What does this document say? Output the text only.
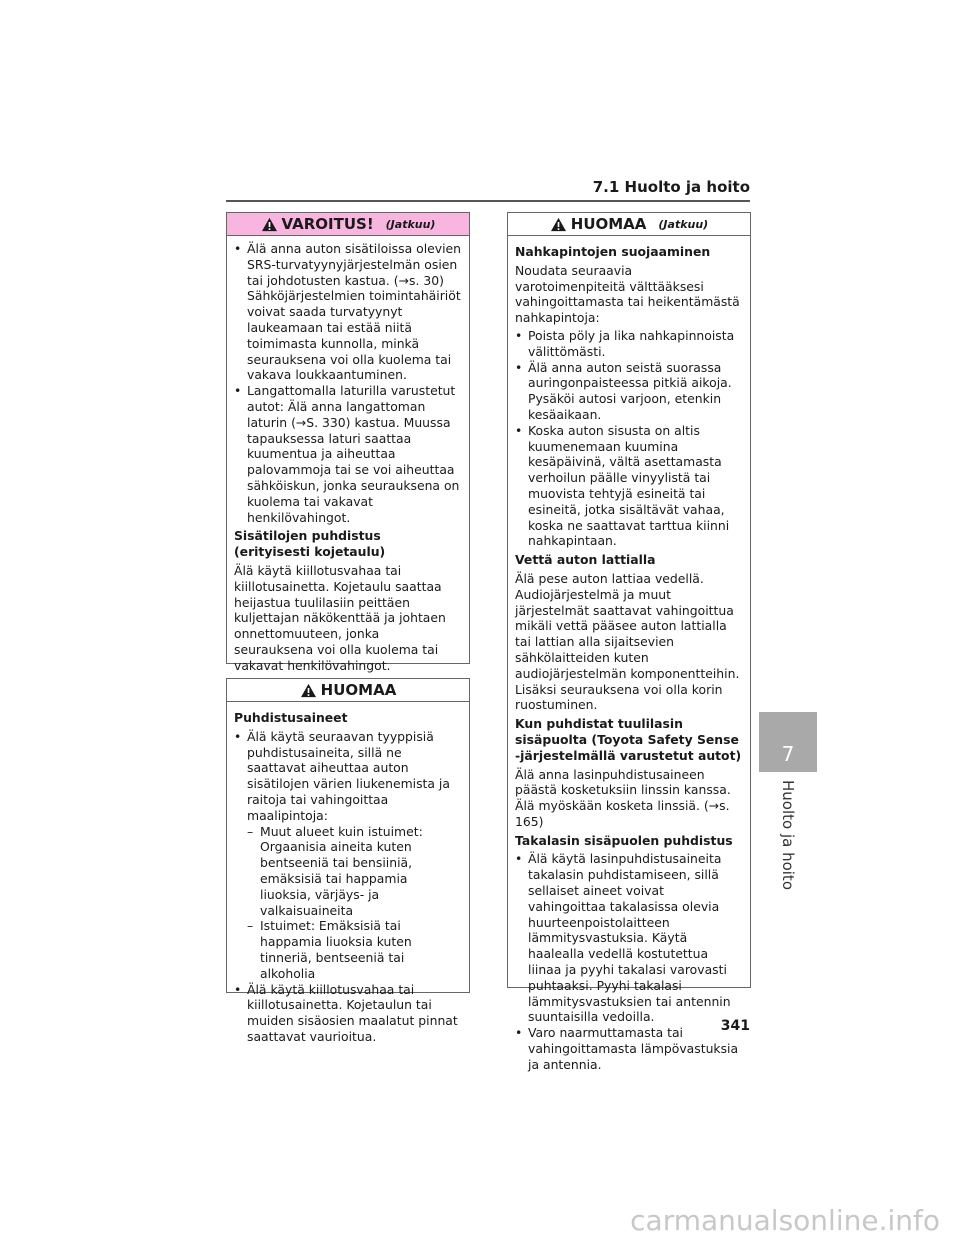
7.1 Huolto ja hoito
VAROITUS! (Jatkuu)
• Älä anna auton sisätiloissa olevien SRS-turvatyynyjärjestelmän osien tai johdotusten kastua. (→s. 30) Sähköjärjestelmien toimintahäiriöt voivat saada turvatyynyt laukeamaan tai estää niitä toimimasta kunnolla, minkä seurauksena voi olla kuolema tai vakava loukkaantuminen.
• Langattomalla laturilla varustetut autot: Älä anna langattoman laturin (→S. 330) kastua. Muussa tapauksessa laturi saattaa kuumentua ja aiheuttaa palovammoja tai se voi aiheuttaa sähköiskun, jonka seurauksena on kuolema tai vakavat henkilövahingot.
Sisätilojen puhdistus (erityisesti kojetaulu)
Älä käytä kiillotusvahaa tai kiillotusainetta. Kojetaulu saattaa heijastua tuulilasiin peittäen kuljettajan näkökenttää ja johtaen onnettomuuteen, jonka seurauksena voi olla kuolema tai vakavat henkilövahingot.
HUOMAA
Puhdistusaineet
• Älä käytä seuraavan tyyppisiä puhdistusaineita, sillä ne saattavat aiheuttaa auton sisätilojen värien liukenemista ja raitoja tai vahingoittaa maalipintoja:
– Muut alueet kuin istuimet: Orgaanisia aineita kuten bentseeniä tai bensiiniä, emäksisiä tai happamia liuoksia, värjäys- ja valkaisuaineita
– Istuimet: Emäksisiä tai happamia liuoksia kuten tinneriä, bentseeniä tai alkoholia
• Älä käytä kiillotusvahaa tai kiillotusainetta. Kojetaulun tai muiden sisäosien maalatut pinnat saattavat vaurioitua.
HUOMAA (Jatkuu)
Nahkapintojen suojaaminen
Noudata seuraavia varotoimenpiteitä välttääksesi vahingoittamasta tai heikentämästä nahkapintoja:
• Poista pöly ja lika nahkapinnoista välittömästi.
• Älä anna auton seistä suorassa auringonpaisteessa pitkiä aikoja. Pysäköi autosi varjoon, etenkin kesäaikaan.
• Koska auton sisusta on altis kuumenemaan kuumina kesäpäivinä, vältä asettamasta verhoilun päälle vinyylistä tai muovista tehtyjä esineitä tai esineitä, jotka sisältävät vahaa, koska ne saattavat tarttua kiinni nahkapintaan.
Vettä auton lattialla
Älä pese auton lattiaa vedellä. Audiojärjestelmä ja muut järjestelmät saattavat vahingoittua mikäli vettä pääsee auton lattialla tai lattian alla sijaitsevien sähkölaitteiden kuten audiojärjestelmän komponentteihin. Lisäksi seurauksena voi olla korin ruostuminen.
Kun puhdistat tuulilasin sisäpuolta (Toyota Safety Sense -järjestelmällä varustetut autot)
Älä anna lasinpuhdistusaineen päästä kosketuksiin linssin kanssa. Älä myöskään kosketa linssiä. (→s. 165)
Takalasin sisäpuolen puhdistus
• Älä käytä lasinpuhdistusaineita takalasin puhdistamiseen, sillä sellaiset aineet voivat vahingoittaa takalasissa olevia huurteenpoistolaitteen lämmitysvastuksia. Käytä haalealla vedellä kostutettua liinaa ja pyyhi takalasi varovasti puhtaaksi. Pyyhi takalasi lämmitysvastuksien tai antennin suuntaisilla vedoilla.
• Varo naarmuttamasta tai vahingoittamasta lämpövastuksia ja antennia.
7
Huolto ja hoito
341
carmanualsonline.info
